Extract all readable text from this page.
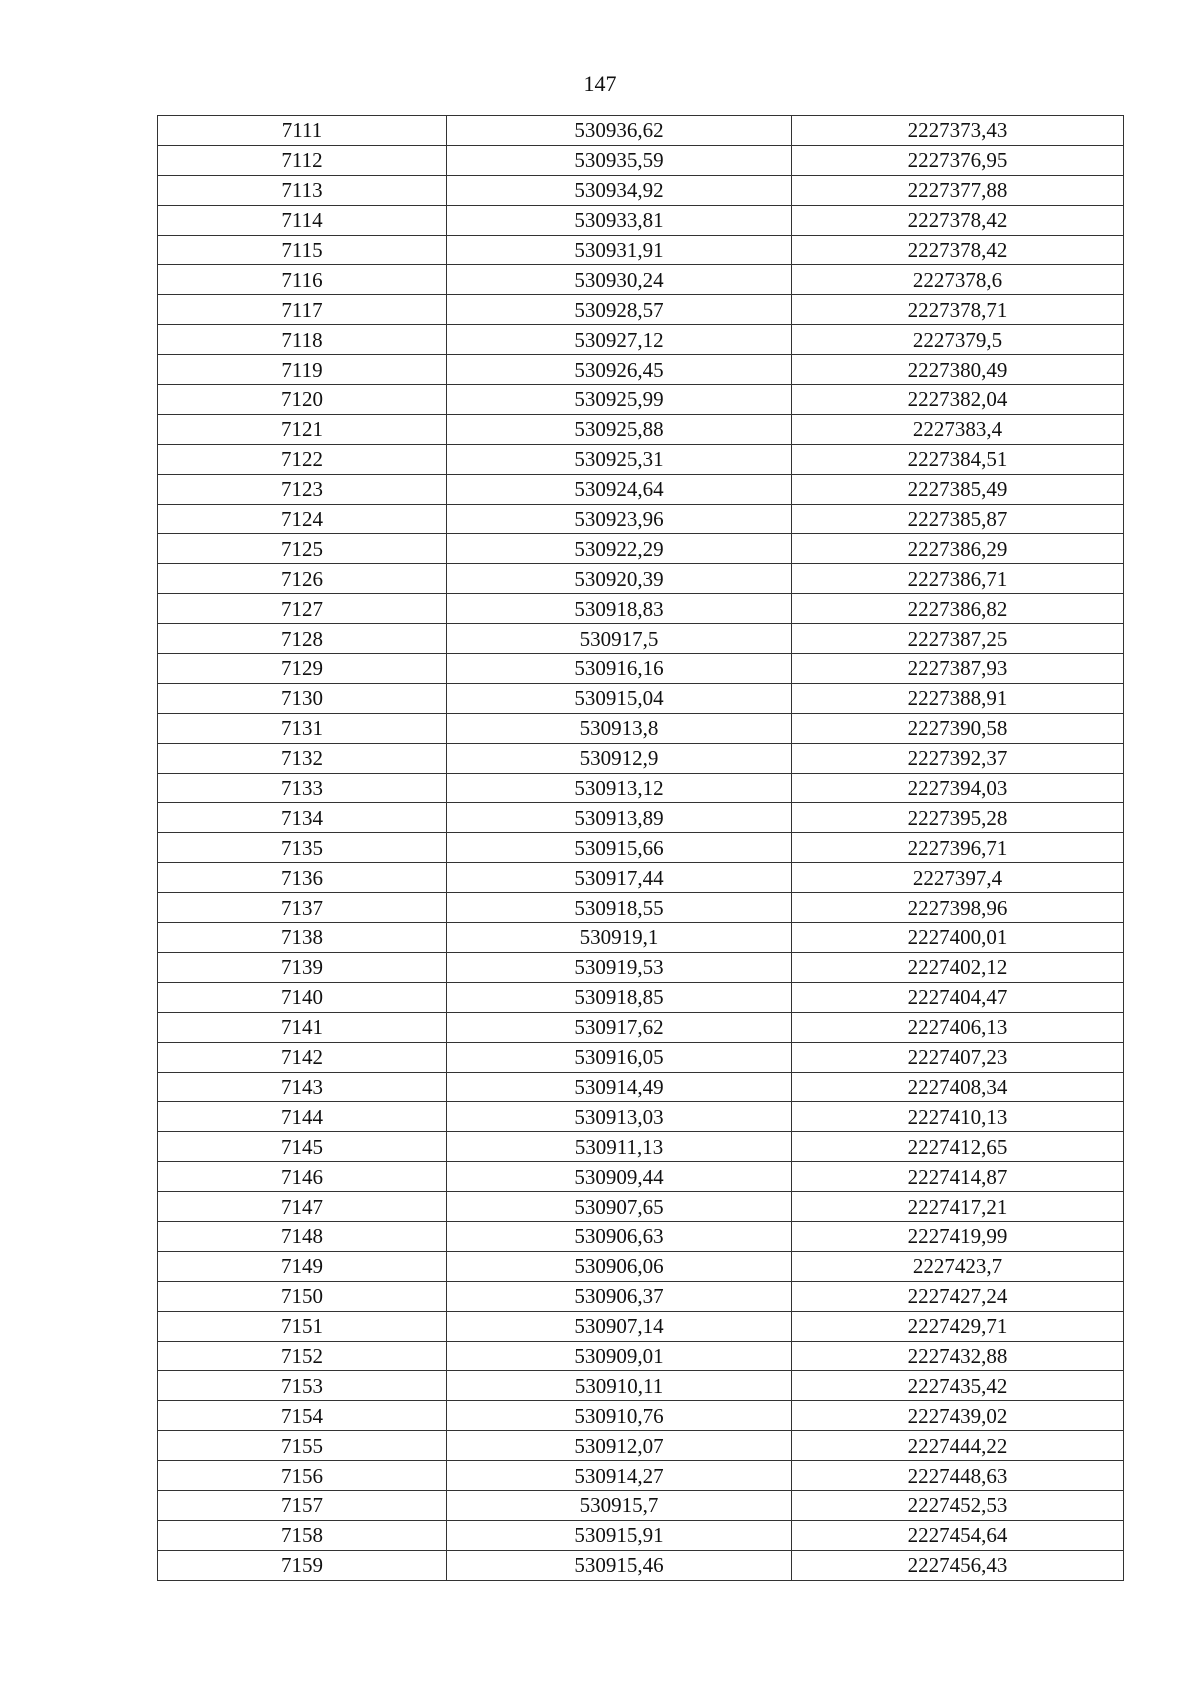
147
7111	530936,62	2227373,43
7112	530935,59	2227376,95
7113	530934,92	2227377,88
7114	530933,81	2227378,42
7115	530931,91	2227378,42
7116	530930,24	2227378,6
7117	530928,57	2227378,71
7118	530927,12	2227379,5
7119	530926,45	2227380,49
7120	530925,99	2227382,04
7121	530925,88	2227383,4
7122	530925,31	2227384,51
7123	530924,64	2227385,49
7124	530923,96	2227385,87
7125	530922,29	2227386,29
7126	530920,39	2227386,71
7127	530918,83	2227386,82
7128	530917,5	2227387,25
7129	530916,16	2227387,93
7130	530915,04	2227388,91
7131	530913,8	2227390,58
7132	530912,9	2227392,37
7133	530913,12	2227394,03
7134	530913,89	2227395,28
7135	530915,66	2227396,71
7136	530917,44	2227397,4
7137	530918,55	2227398,96
7138	530919,1	2227400,01
7139	530919,53	2227402,12
7140	530918,85	2227404,47
7141	530917,62	2227406,13
7142	530916,05	2227407,23
7143	530914,49	2227408,34
7144	530913,03	2227410,13
7145	530911,13	2227412,65
7146	530909,44	2227414,87
7147	530907,65	2227417,21
7148	530906,63	2227419,99
7149	530906,06	2227423,7
7150	530906,37	2227427,24
7151	530907,14	2227429,71
7152	530909,01	2227432,88
7153	530910,11	2227435,42
7154	530910,76	2227439,02
7155	530912,07	2227444,22
7156	530914,27	2227448,63
7157	530915,7	2227452,53
7158	530915,91	2227454,64
7159	530915,46	2227456,43
